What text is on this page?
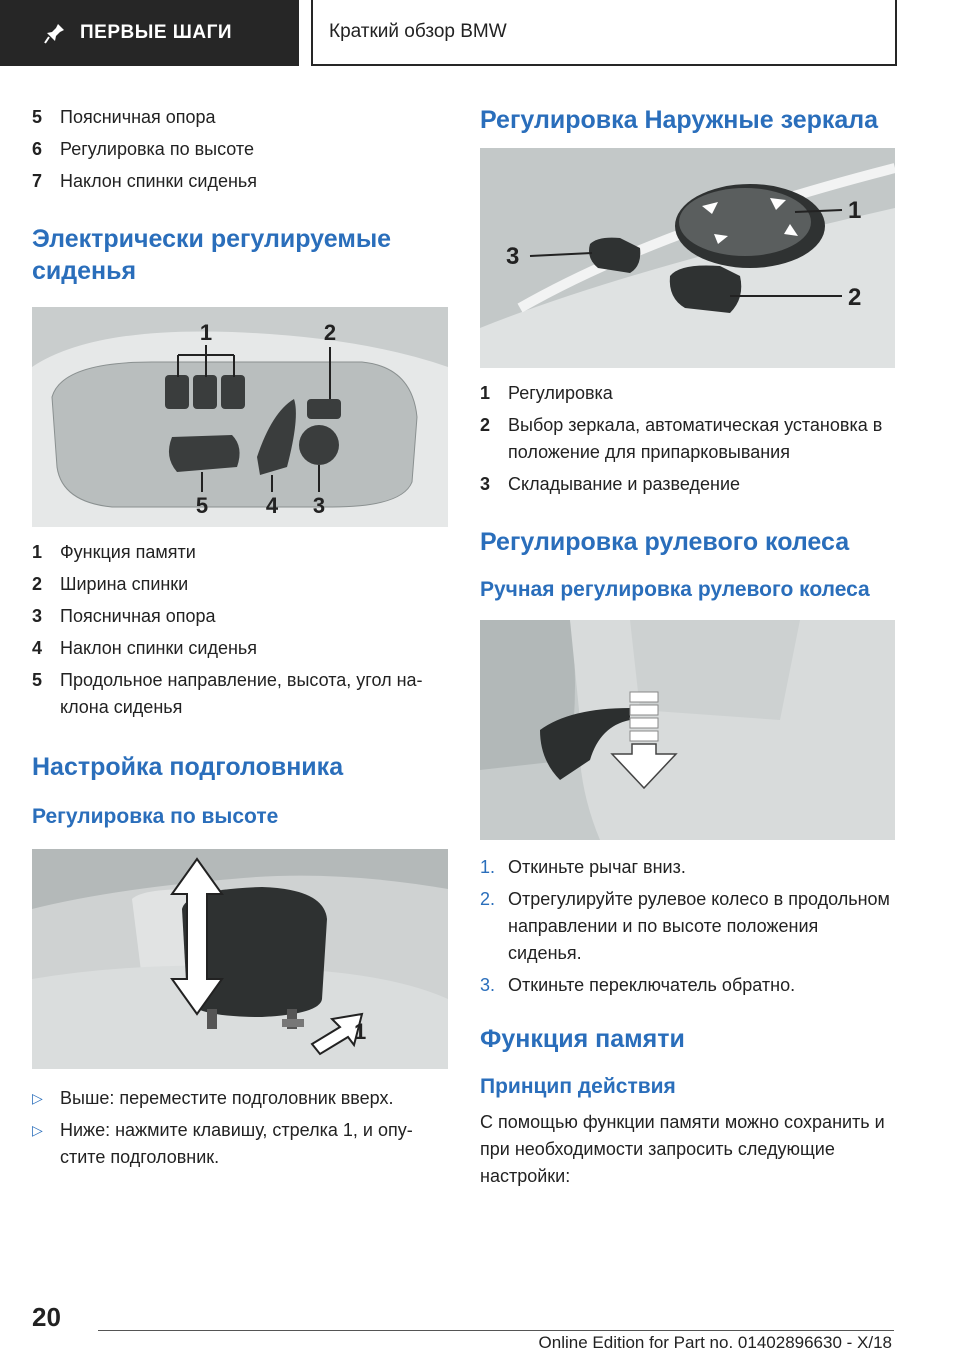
ПЕРВЫЕ ШАГИ	Краткий обзор BMW
5 Поясничная опора
6 Регулировка по высоте
7 Наклон спинки сиденья
Электрически регулируемые сиденья
1	2
5	4 3
1 Функция памяти
2 Ширина спинки
3 Поясничная опора
4 Наклон спинки сиденья
5 Продольное направление, высота, угол наклона сиденья
Настройка подголовника
Регулировка по высоте
1
▷ Выше: переместите подголовник вверх.
▷ Ниже: нажмите клавишу, стрелка 1, и опустите подголовник.
Регулировка Наружные зеркала
3
1
2
1 Регулировка
2 Выбор зеркала, автоматическая установка в положение для припарковывания
3 Складывание и разведение
Регулировка рулевого колеса
Ручная регулировка рулевого колеса
1. Откиньте рычаг вниз.
2. Отрегулируйте рулевое колесо в продольном направлении и по высоте положения сиденья.
3. Откиньте переключатель обратно.
Функция памяти
Принцип действия

С помощью функции памяти можно сохранить и при необходимости запросить следующие настройки:

20
Online Edition for Part no. 01402896630 - X/18
